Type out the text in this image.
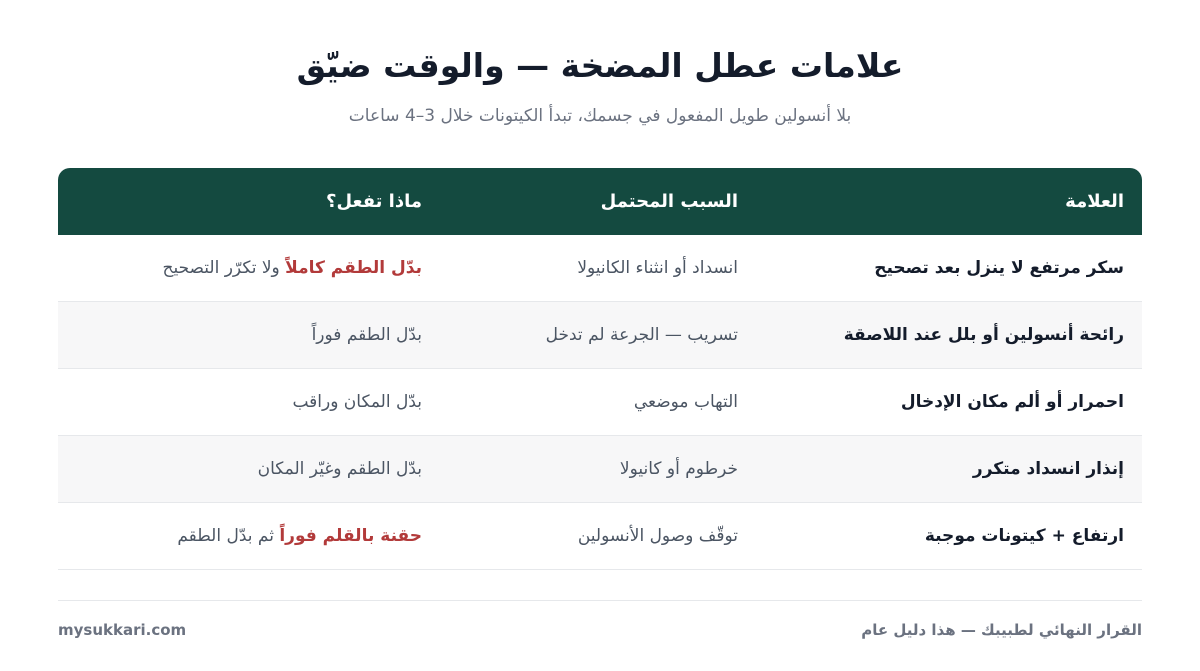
علامات عطل المضخة — والوقت ضيّق
بلا أنسولين طويل المفعول في جسمك، تبدأ الكيتونات خلال 3–4 ساعات
العلامة
السبب المحتمل
ماذا تفعل؟
سكر مرتفع لا ينزل بعد تصحيح
انسداد أو انثناء الكانيولا
بدّل الطقم كاملاً
ولا تكرّر التصحيح
رائحة أنسولين أو بلل عند اللاصقة
تسريب — الجرعة لم تدخل
بدّل الطقم فوراً
احمرار أو ألم مكان الإدخال
التهاب موضعي
بدّل المكان وراقب
إنذار انسداد متكرر
خرطوم أو كانيولا
بدّل الطقم وغيّر المكان
ارتفاع + كيتونات موجبة
توقّف وصول الأنسولين
حقنة بالقلم فوراً
ثم بدّل الطقم
القرار النهائي لطبيبك — هذا دليل عام
mysukkari.com
